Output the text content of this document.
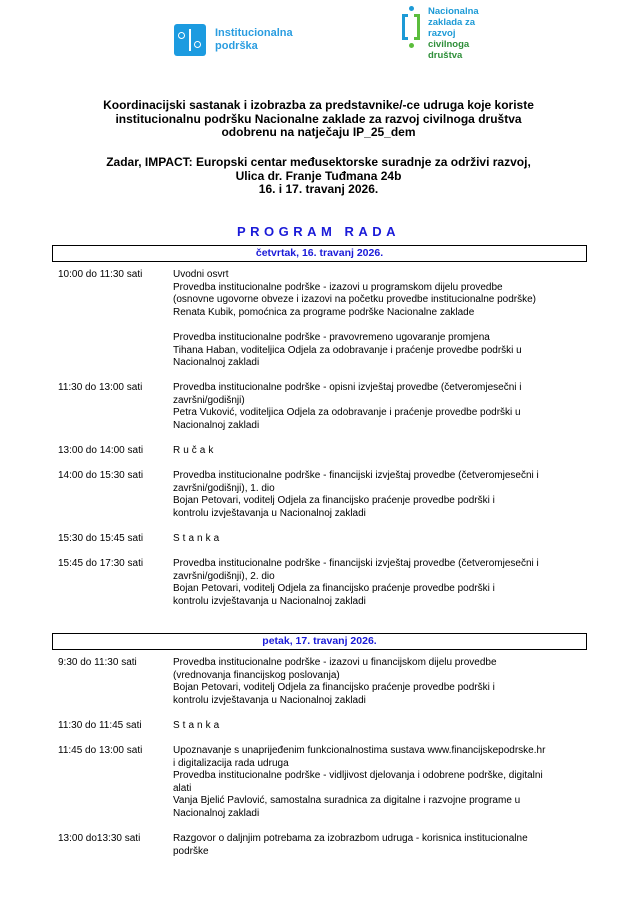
Institucionalna
podrška
Nacionalna
zaklada za
razvoj
civilnoga
društva
Koordinacijski sastanak i izobrazba za predstavnike/-ce udruga koje koriste
institucionalnu podršku Nacionalne zaklade za razvoj civilnoga društva
odobrenu na natječaju IP_25_dem
Zadar, IMPACT: Europski centar međusektorske suradnje za održivi razvoj,
Ulica dr. Franje Tuđmana 24b
16. i 17. travanj 2026.
PROGRAM RADA
četvrtak, 16. travanj 2026.
10:00 do 11:30 sati	Uvodni osvrt
Provedba institucionalne podrške - izazovi u programskom dijelu provedbe
(osnovne ugovorne obveze i izazovi na početku provedbe institucionalne podrške)
Renata Kubik, pomoćnica za programe podrške Nacionalne zaklade
Provedba institucionalne podrške - pravovremeno ugovaranje promjena
Tihana Haban, voditeljica Odjela za odobravanje i praćenje provedbe podrški u
Nacionalnoj zakladi
11:30 do 13:00 sati	Provedba institucionalne podrške - opisni izvještaj provedbe (četveromjesečni i
završni/godišnji)
Petra Vuković, voditeljica Odjela za odobravanje i praćenje provedbe podrški u
Nacionalnoj zakladi
13:00 do 14:00 sati	Ručak
14:00 do 15:30 sati	Provedba institucionalne podrške - financijski izvještaj provedbe (četveromjesečni i
završni/godišnji), 1. dio
Bojan Petovari, voditelj Odjela za financijsko praćenje provedbe podrški i
kontrolu izvještavanja u Nacionalnoj zakladi
15:30 do 15:45 sati	Stanka
15:45 do 17:30 sati	Provedba institucionalne podrške - financijski izvještaj provedbe (četveromjesečni i
završni/godišnji), 2. dio
Bojan Petovari, voditelj Odjela za financijsko praćenje provedbe podrški i
kontrolu izvještavanja u Nacionalnoj zakladi
petak, 17. travanj 2026.
9:30 do 11:30 sati	Provedba institucionalne podrške - izazovi u financijskom dijelu provedbe
(vrednovanja financijskog poslovanja)
Bojan Petovari, voditelj Odjela za financijsko praćenje provedbe podrški i
kontrolu izvještavanja u Nacionalnoj zakladi
11:30 do 11:45 sati	Stanka
11:45 do 13:00 sati	Upoznavanje s unaprijeđenim funkcionalnostima sustava www.financijskepodrske.hr
i digitalizacija rada udruga
Provedba institucionalne podrške - vidljivost djelovanja i odobrene podrške, digitalni
alati
Vanja Bjelić Pavlović, samostalna suradnica za digitalne i razvojne programe u
Nacionalnoj zakladi
13:00 do13:30 sati	Razgovor o daljnjim potrebama za izobrazbom udruga - korisnica institucionalne
podrške
